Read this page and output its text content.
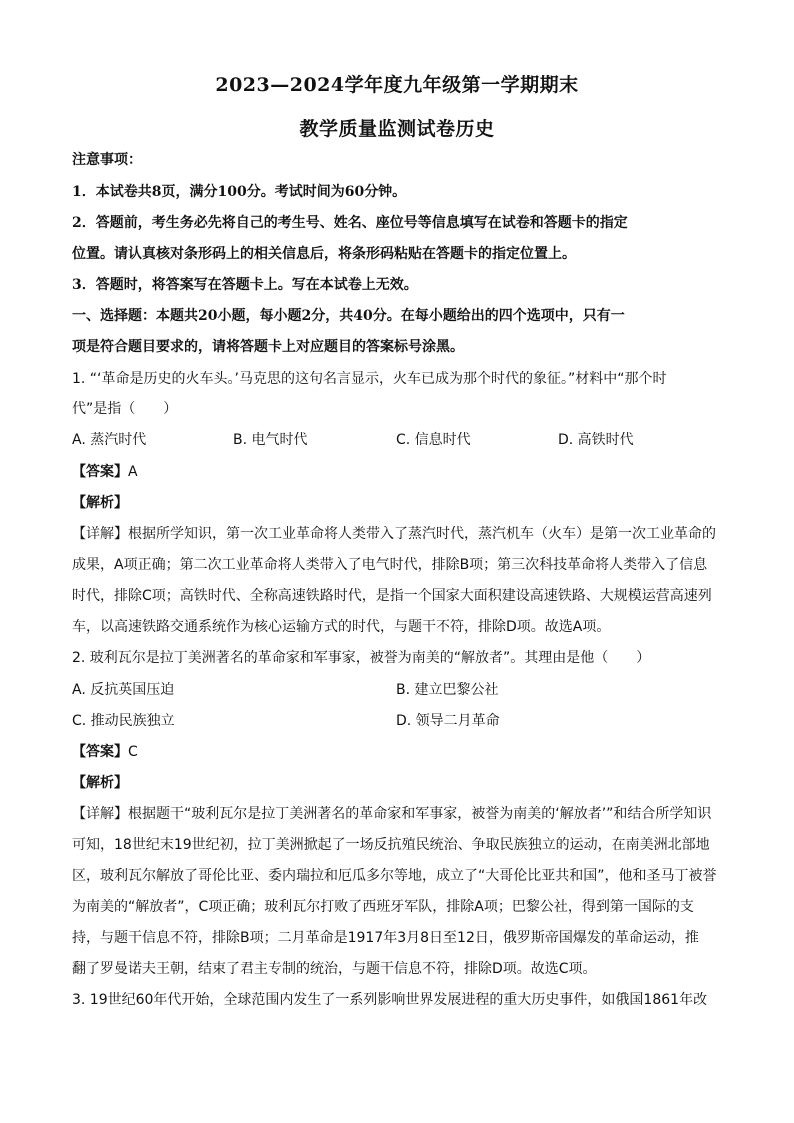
2023—2024学年度九年级第一学期期末
教学质量监测试卷历史
注意事项：
1．本试卷共8页，满分100分。考试时间为60分钟。
2．答题前，考生务必先将自己的考生号、姓名、座位号等信息填写在试卷和答题卡的指定
位置。请认真核对条形码上的相关信息后，将条形码粘贴在答题卡的指定位置上。
3．答题时，将答案写在答题卡上。写在本试卷上无效。
一、选择题：本题共20小题，每小题2分，共40分。在每小题给出的四个选项中，只有一
项是符合题目要求的，请将答题卡上对应题目的答案标号涂黑。
1. “‘革命是历史的火车头。’马克思的这句名言显示，火车已成为那个时代的象征。”材料中“那个时
代”是指（　　）
A. 蒸汽时代	B. 电气时代	C. 信息时代	D. 高铁时代
【答案】A
【解析】
【详解】根据所学知识，第一次工业革命将人类带入了蒸汽时代，蒸汽机车（火车）是第一次工业革命的
成果，A项正确；第二次工业革命将人类带入了电气时代，排除B项；第三次科技革命将人类带入了信息
时代，排除C项；高铁时代、全称高速铁路时代，是指一个国家大面积建设高速铁路、大规模运营高速列
车，以高速铁路交通系统作为核心运输方式的时代，与题干不符，排除D项。故选A项。
2. 玻利瓦尔是拉丁美洲著名的革命家和军事家，被誉为南美的“解放者”。其理由是他（　　）
A. 反抗英国压迫	B. 建立巴黎公社
C. 推动民族独立	D. 领导二月革命
【答案】C
【解析】
【详解】根据题干“玻利瓦尔是拉丁美洲著名的革命家和军事家，被誉为南美的‘解放者’”和结合所学知识
可知，18世纪末19世纪初，拉丁美洲掀起了一场反抗殖民统治、争取民族独立的运动，在南美洲北部地
区，玻利瓦尔解放了哥伦比亚、委内瑞拉和厄瓜多尔等地，成立了“大哥伦比亚共和国”，他和圣马丁被誉
为南美的“解放者”，C项正确；玻利瓦尔打败了西班牙军队，排除A项；巴黎公社，得到第一国际的支
持，与题干信息不符，排除B项；二月革命是1917年3月8日至12日，俄罗斯帝国爆发的革命运动，推
翻了罗曼诺夫王朝，结束了君主专制的统治，与题干信息不符，排除D项。故选C项。
3. 19世纪60年代开始，全球范围内发生了一系列影响世界发展进程的重大历史事件，如俄国1861年改
